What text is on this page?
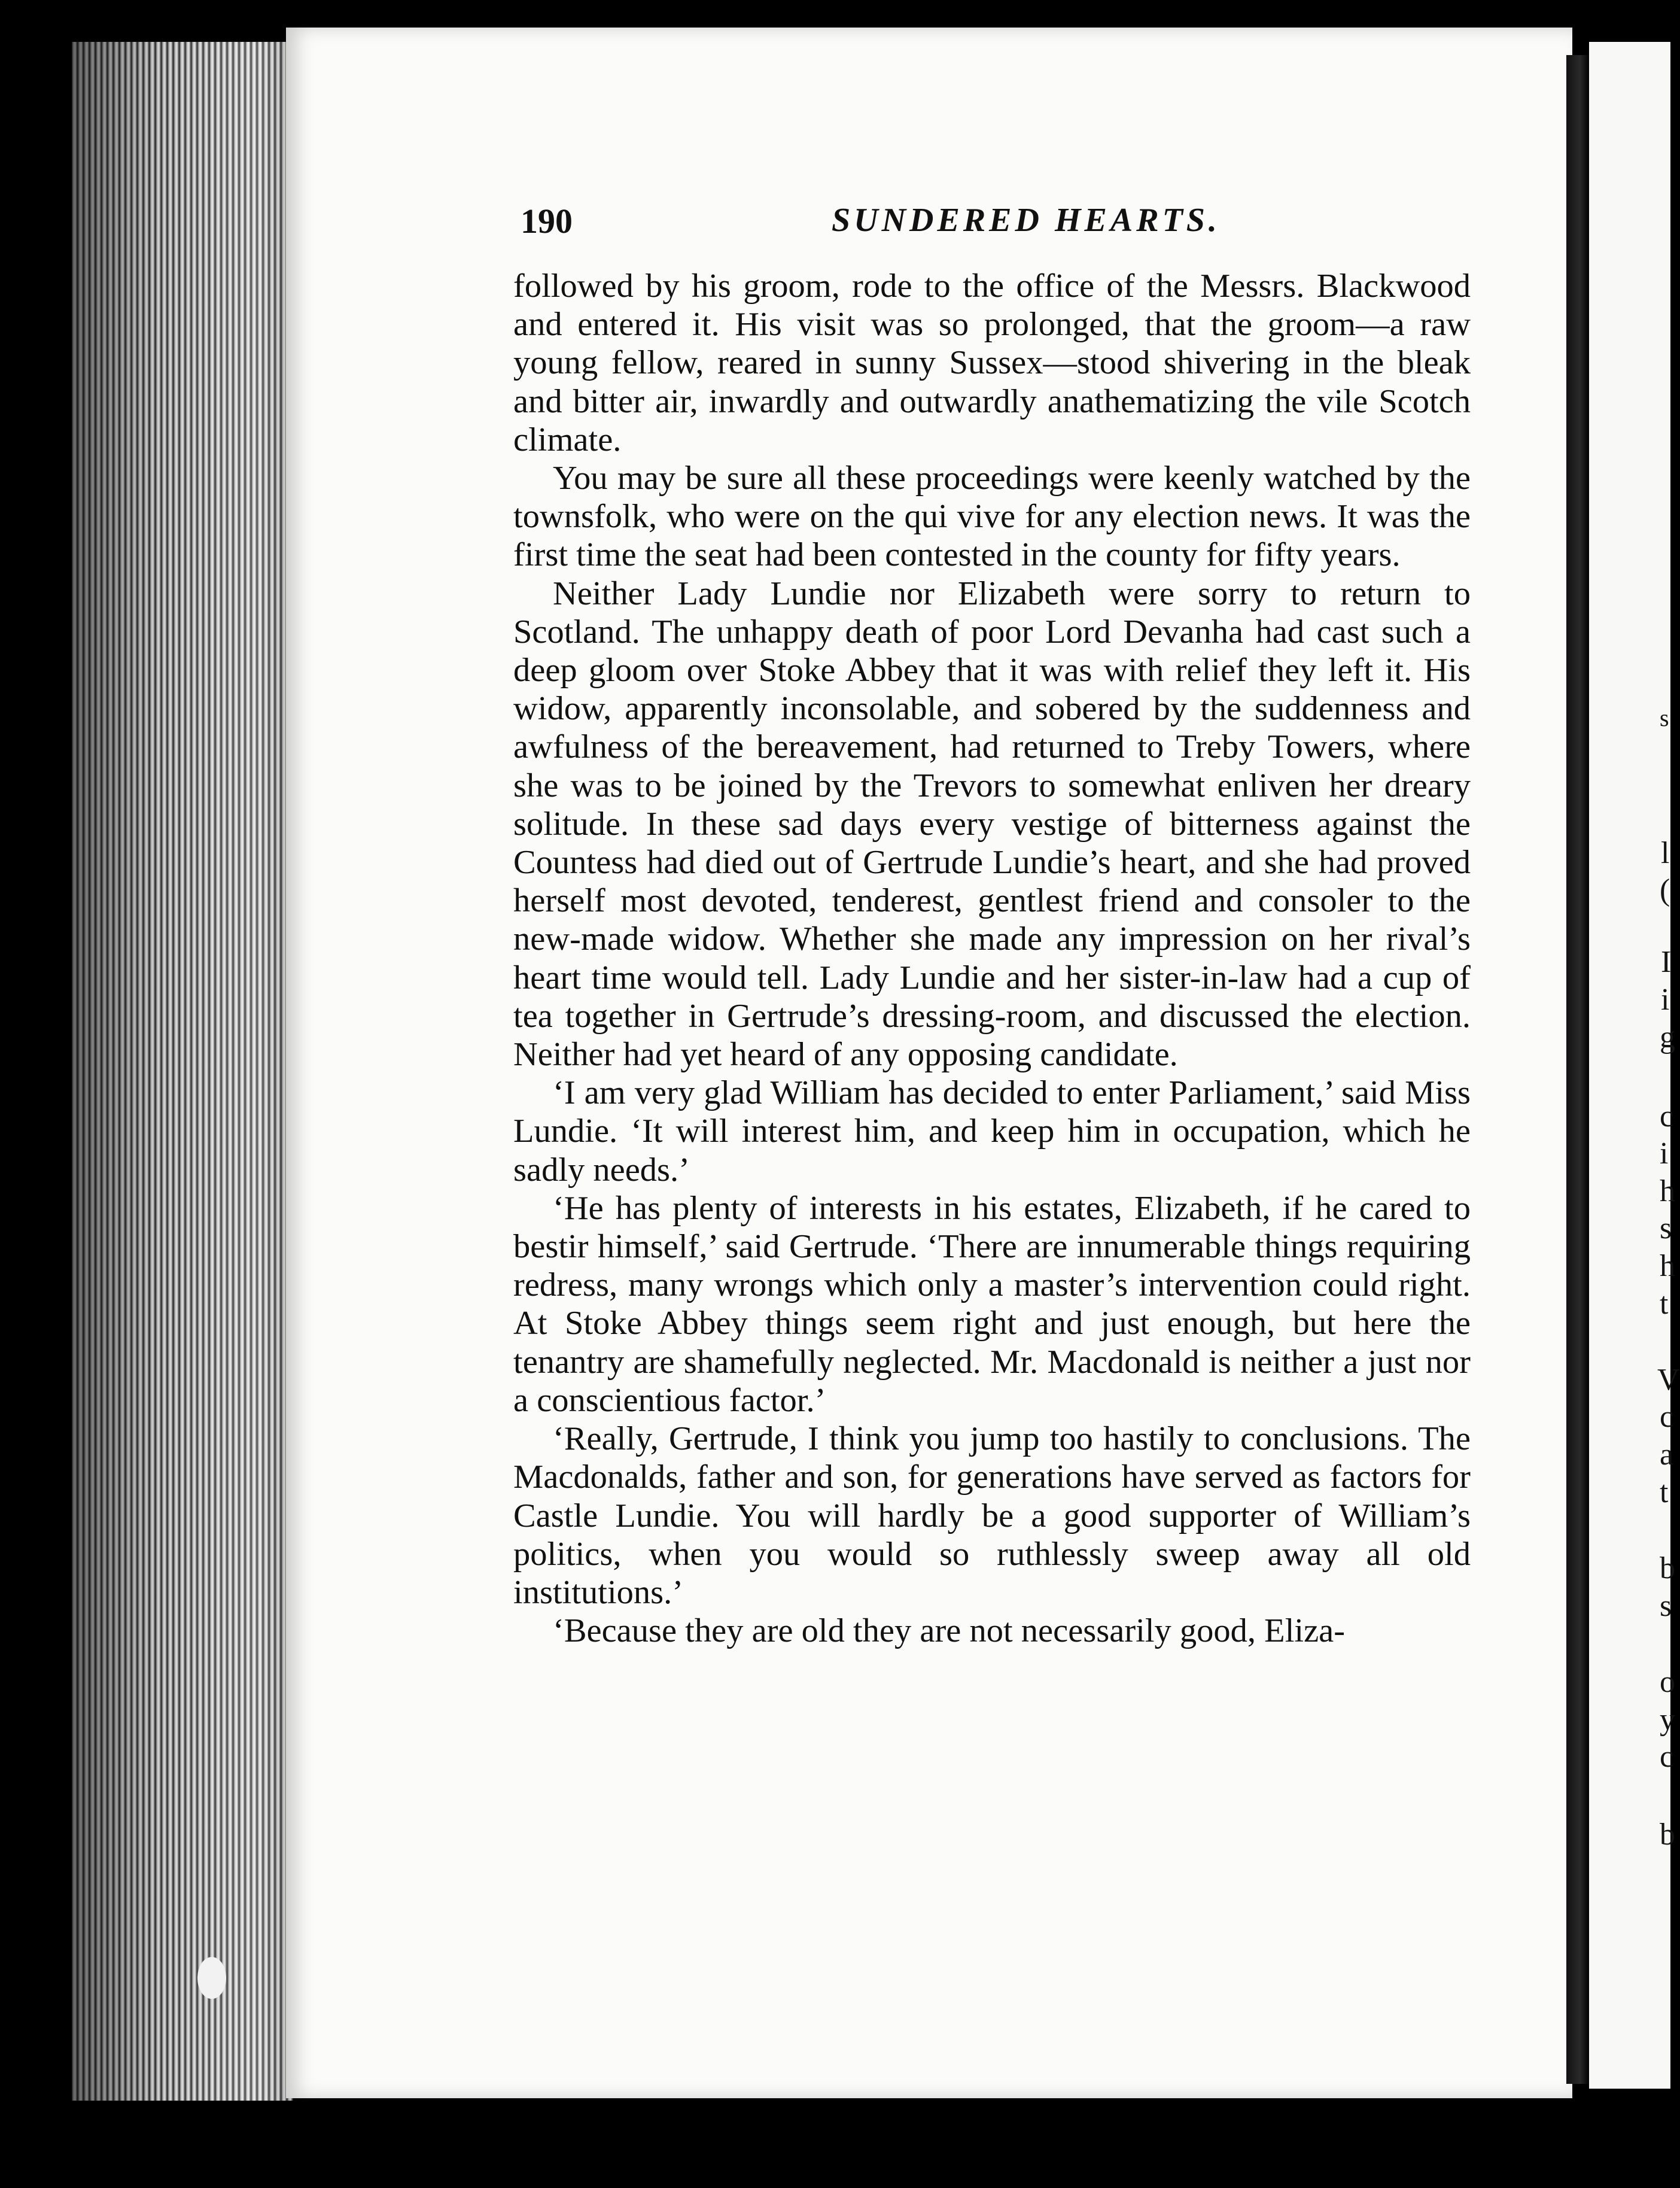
s
l
(
I
i
g
c
i
h
s
h
t
V
c
a
t
b
s
o
y
c
b
190	SUNDERED HEARTS.

followed by his groom, rode to the office of the Messrs. Blackwood and entered it. His visit was so prolonged, that the groom—a raw young fellow, reared in sunny Sussex—stood shivering in the bleak and bitter air, inwardly and outwardly anathematizing the vile Scotch climate.

You may be sure all these proceedings were keenly watched by the townsfolk, who were on the qui vive for any election news. It was the first time the seat had been contested in the county for fifty years.

Neither Lady Lundie nor Elizabeth were sorry to return to Scotland. The unhappy death of poor Lord Devanha had cast such a deep gloom over Stoke Abbey that it was with relief they left it. His widow, apparently inconsolable, and sobered by the suddenness and awfulness of the bereavement, had returned to Treby Towers, where she was to be joined by the Trevors to somewhat enliven her dreary solitude. In these sad days every vestige of bitterness against the Countess had died out of Gertrude Lundie’s heart, and she had proved herself most devoted, tenderest, gentlest friend and consoler to the new-made widow. Whether she made any impression on her rival’s heart time would tell. Lady Lundie and her sister-in-law had a cup of tea together in Gertrude’s dressing-room, and discussed the election. Neither had yet heard of any opposing candidate.

‘I am very glad William has decided to enter Parliament,’ said Miss Lundie. ‘It will interest him, and keep him in occupation, which he sadly needs.’

‘He has plenty of interests in his estates, Elizabeth, if he cared to bestir himself,’ said Gertrude. ‘There are innumerable things requiring redress, many wrongs which only a master’s intervention could right. At Stoke Abbey things seem right and just enough, but here the tenantry are shamefully neglected. Mr. Macdonald is neither a just nor a conscientious factor.’

‘Really, Gertrude, I think you jump too hastily to conclusions. The Macdonalds, father and son, for generations have served as factors for Castle Lundie. You will hardly be a good supporter of William’s politics, when you would so ruthlessly sweep away all old institutions.’

‘Because they are old they are not necessarily good, Eliza-
